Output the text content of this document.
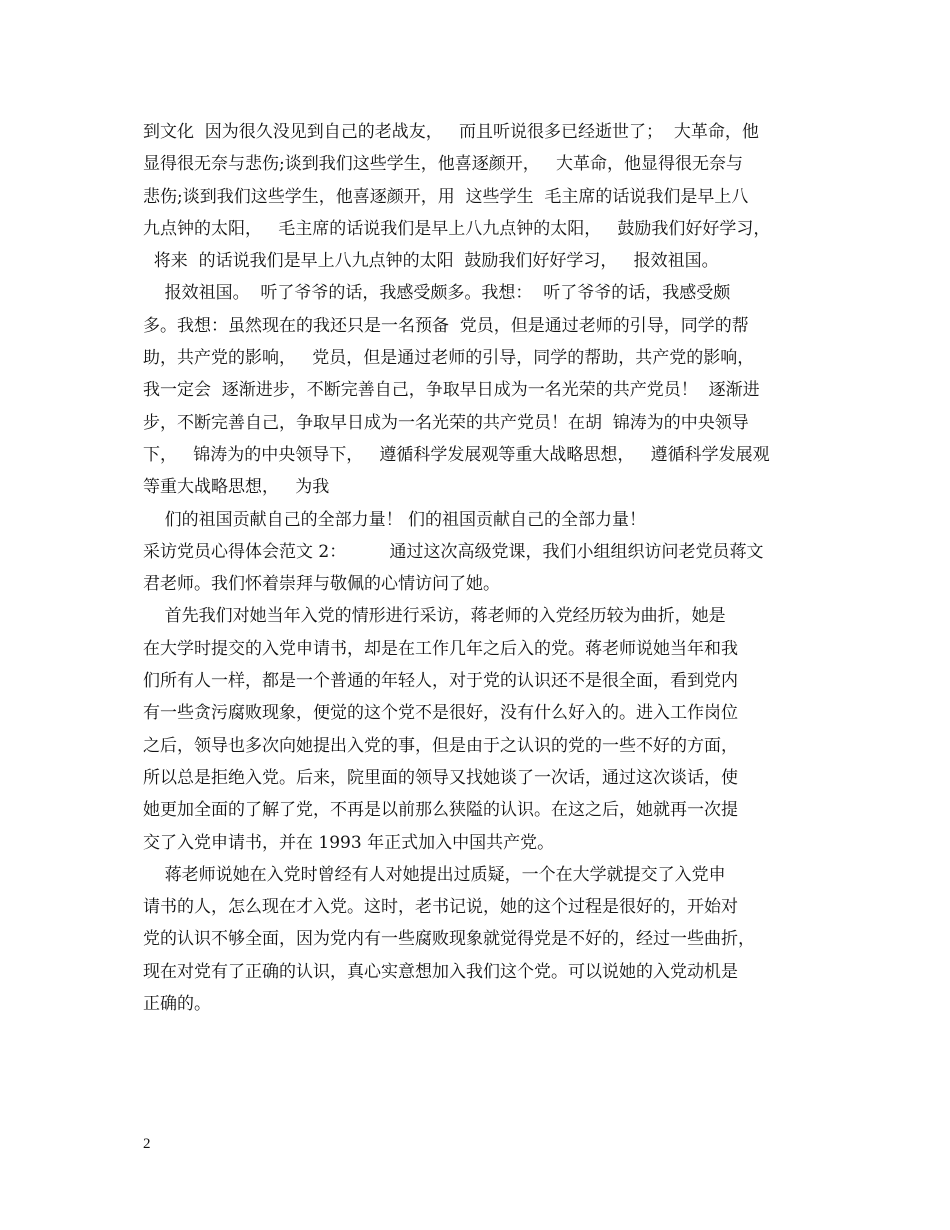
到文化  因为很久没见到自己的老战友，   而且听说很多已经逝世了；  大革命，他
显得很无奈与悲伤;谈到我们这些学生，他喜逐颜开，   大革命，他显得很无奈与
悲伤;谈到我们这些学生，他喜逐颜开，用  这些学生  毛主席的话说我们是早上八
九点钟的太阳，   毛主席的话说我们是早上八九点钟的太阳，   鼓励我们好好学习，
将来  的话说我们是早上八九点钟的太阳  鼓励我们好好学习，   报效祖国。
报效祖国。  听了爷爷的话，我感受颇多。我想：  听了爷爷的话，我感受颇
多。我想：虽然现在的我还只是一名预备  党员，但是通过老师的引导，同学的帮
助，共产党的影响，   党员，但是通过老师的引导，同学的帮助，共产党的影响，
我一定会  逐渐进步，不断完善自己，争取早日成为一名光荣的共产党员！  逐渐进
步，不断完善自己，争取早日成为一名光荣的共产党员！在胡  锦涛为的中央领导
下，   锦涛为的中央领导下，   遵循科学发展观等重大战略思想，   遵循科学发展观
等重大战略思想，   为我
们的祖国贡献自己的全部力量！ 们的祖国贡献自己的全部力量！
采访党员心得体会范文 2：        通过这次高级党课，我们小组组织访问老党员蒋文
君老师。我们怀着崇拜与敬佩的心情访问了她。
首先我们对她当年入党的情形进行采访，蒋老师的入党经历较为曲折，她是
在大学时提交的入党申请书，却是在工作几年之后入的党。蒋老师说她当年和我
们所有人一样，都是一个普通的年轻人，对于党的认识还不是很全面，看到党内
有一些贪污腐败现象，便觉的这个党不是很好，没有什么好入的。进入工作岗位
之后，领导也多次向她提出入党的事，但是由于之认识的党的一些不好的方面，
所以总是拒绝入党。后来，院里面的领导又找她谈了一次话，通过这次谈话，使
她更加全面的了解了党，不再是以前那么狭隘的认识。在这之后，她就再一次提
交了入党申请书，并在 1993 年正式加入中国共产党。
蒋老师说她在入党时曾经有人对她提出过质疑，一个在大学就提交了入党申
请书的人，怎么现在才入党。这时，老书记说，她的这个过程是很好的，开始对
党的认识不够全面，因为党内有一些腐败现象就觉得党是不好的，经过一些曲折，
现在对党有了正确的认识，真心实意想加入我们这个党。可以说她的入党动机是
正确的。
2
